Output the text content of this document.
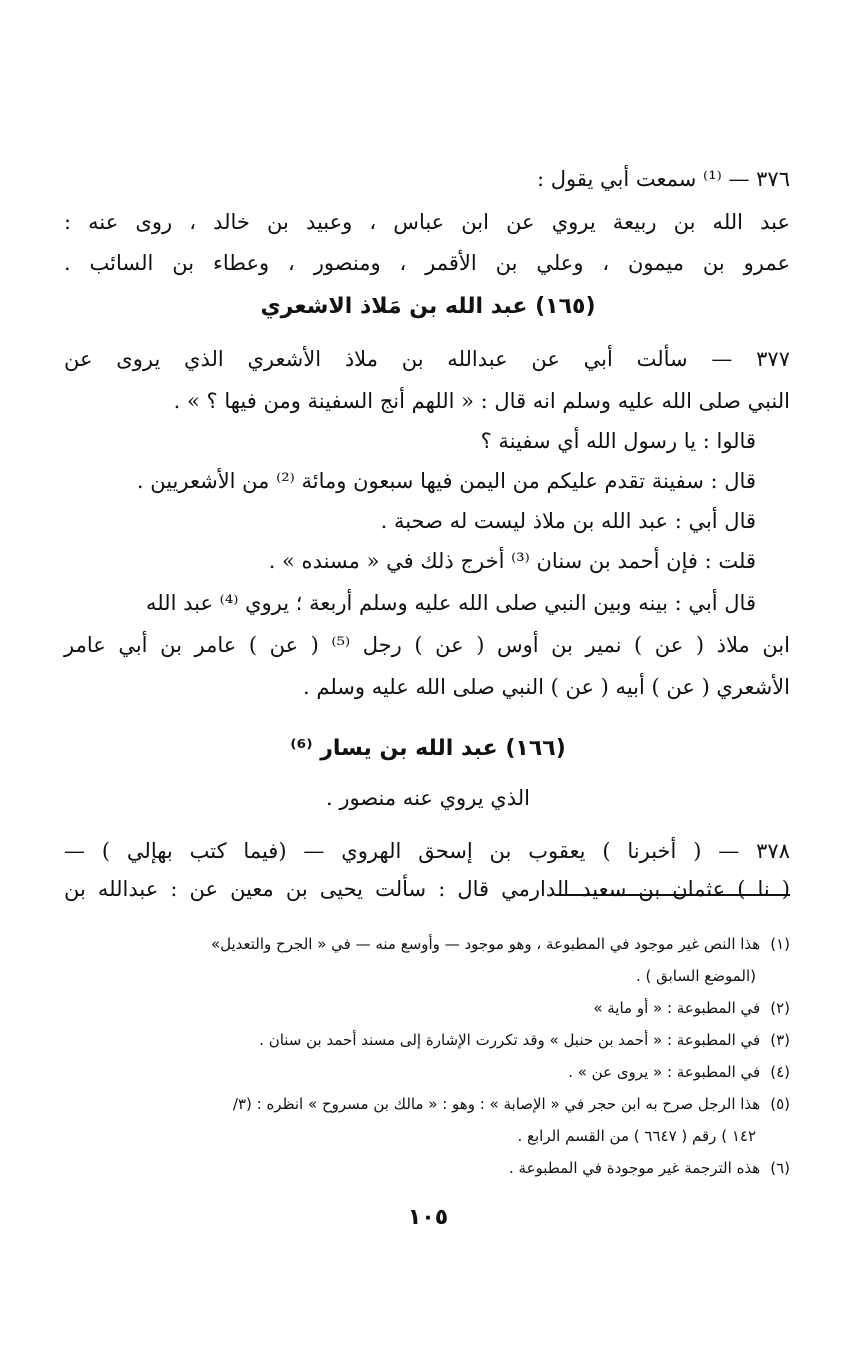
٣٧٦ — ⁽¹⁾ سمعت أبي يقول :
عبد الله بن ربيعة يروي عن ابن عباس ، وعبيد بن خالد ، روى عنه :
عمرو بن ميمون ، وعلي بن الأقمر ، ومنصور ، وعطاء بن السائب .
(١٦٥) عبد الله بن مَلاذ الاشعري
٣٧٧ — سألت أبي عن عبدالله بن ملاذ الأشعري الذي يروى عن
النبي صلى الله عليه وسلم انه قال : « اللهم أنج السفينة ومن فيها ؟ » .
قالوا : يا رسول الله أي سفينة ؟
قال : سفينة تقدم عليكم من اليمن فيها سبعون ومائة ⁽²⁾ من الأشعريين .
قال أبي : عبد الله بن ملاذ ليست له صحبة .
قلت : فإن أحمد بن سنان ⁽³⁾ أخرج ذلك في « مسنده » .
قال أبي : بينه وبين النبي صلى الله عليه وسلم أربعة ؛ يروي ⁽⁴⁾ عبد الله
ابن ملاذ ( عن ) نمير بن أوس ( عن ) رجل ⁽⁵⁾ ( عن ) عامر بن أبي عامر
الأشعري ( عن ) أبيه ( عن ) النبي صلى الله عليه وسلم .
(١٦٦) عبد الله بن يسار ⁽⁶⁾
الذي يروي عنه منصور .
٣٧٨ — ( أخبرنا ) يعقوب بن إسحق الهروي — (فيما كتب بهإلي ) —
( نا ) عثمان بن سعيد الدارمي قال : سألت يحيى بن معين عن : عبدالله بن
(١)هذا النص غير موجود في المطبوعة ، وهو موجود — وأوسع منه — في « الجرح والتعديل»
(الموضع السابق ) .
(٢)في المطبوعة : « أو ماية »
(٣)في المطبوعة : « أحمد بن حنبل » وقد تكررت الإشارة إلى مسند أحمد بن سنان .
(٤)في المطبوعة : « يروى عن » .
(٥)هذا الرجل صرح به ابن حجر في « الإصابة » : وهو : « مالك بن مسروح » انظره : (٣/
١٤٢ ) رقم ( ٦٦٤٧ ) من القسم الرابع .
(٦)هذه الترجمة غير موجودة في المطبوعة .
١٠٥
